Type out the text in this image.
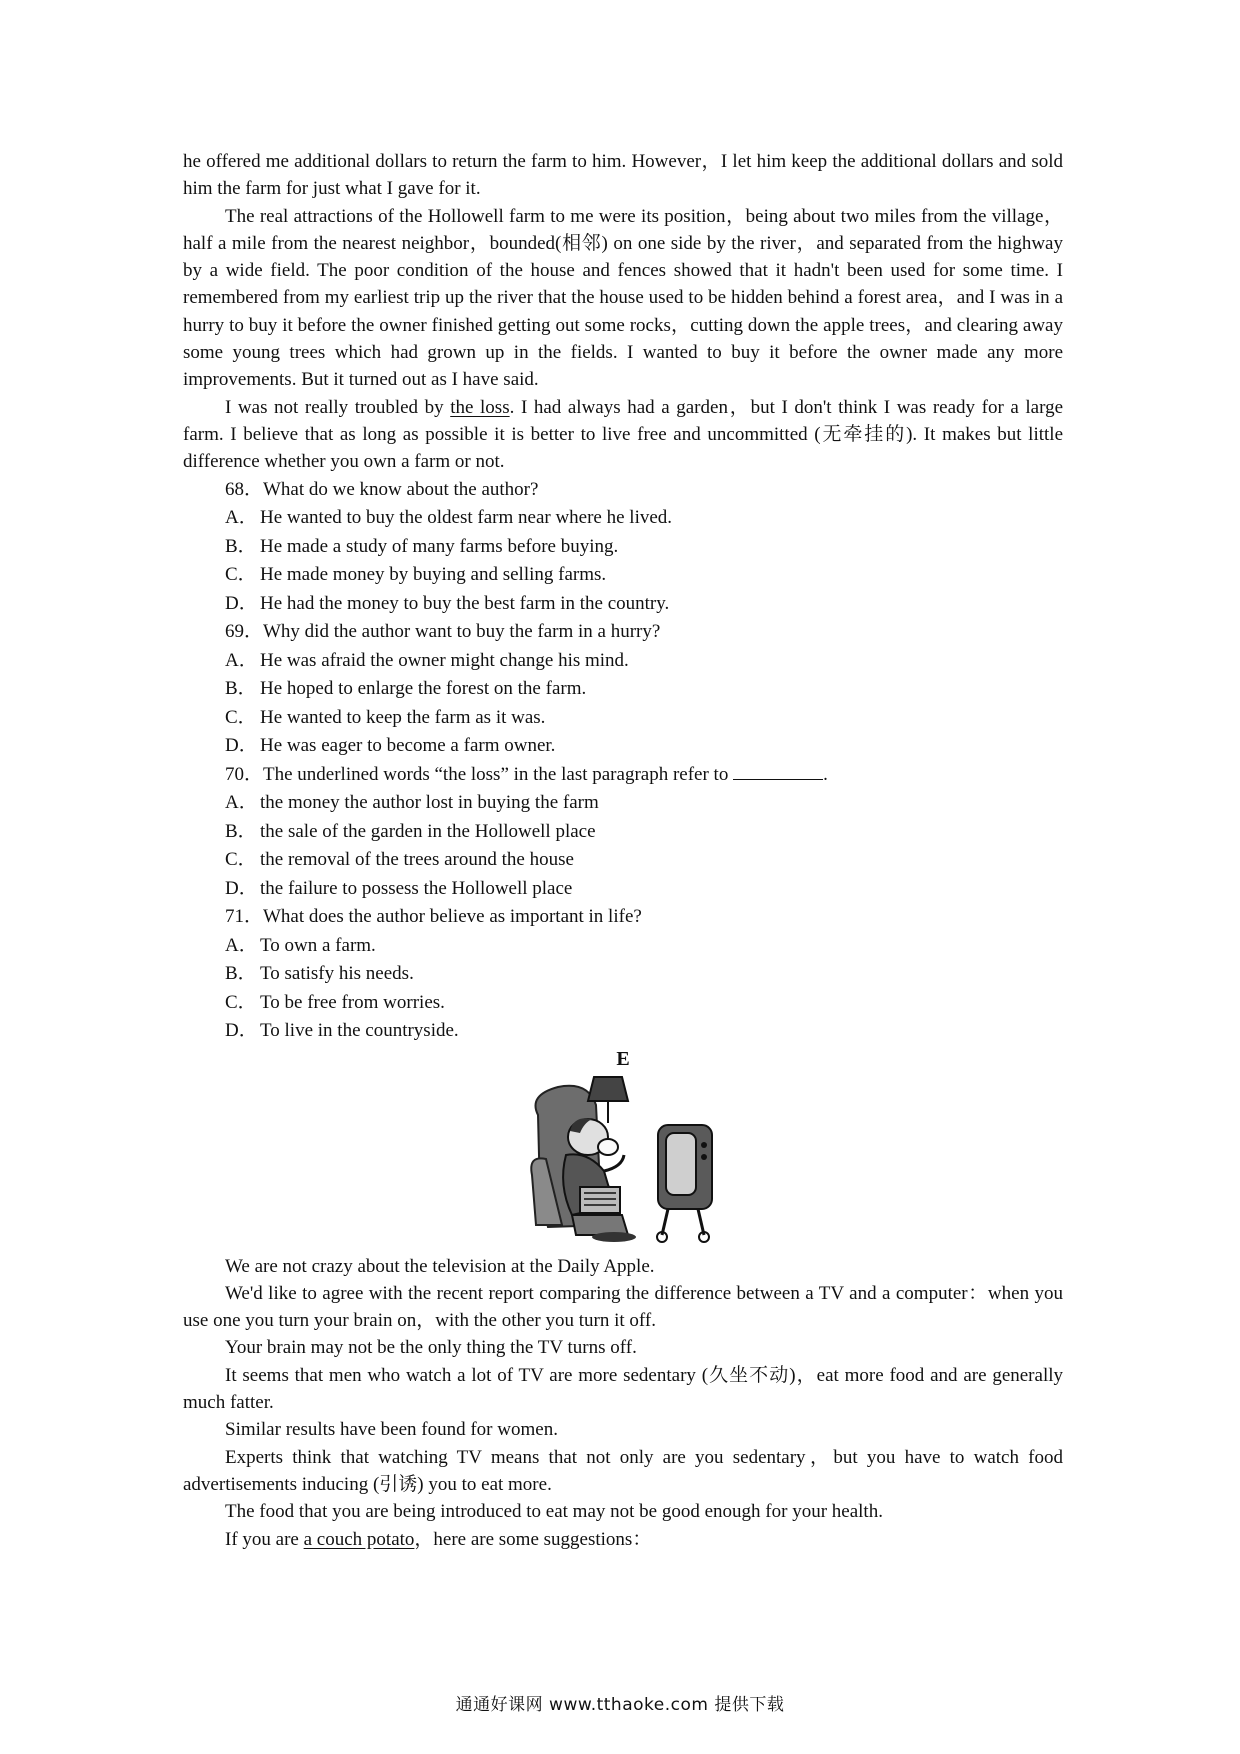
he offered me additional dollars to return the farm to him. However，I let him keep the additional dollars and sold him the farm for just what I gave for it.

The real attractions of the Hollowell farm to me were its position，being about two miles from the village，half a mile from the nearest neighbor，bounded(相邻) on one side by the river，and separated from the highway by a wide field. The poor condition of the house and fences showed that it hadn't been used for some time. I remembered from my earliest trip up the river that the house used to be hidden behind a forest area，and I was in a hurry to buy it before the owner finished getting out some rocks，cutting down the apple trees，and clearing away some young trees which had grown up in the fields. I wanted to buy it before the owner made any more improvements. But it turned out as I have said.

I was not really troubled by the loss. I had always had a garden，but I don't think I was ready for a large farm. I believe that as long as possible it is better to live free and uncommitted (无牵挂的). It makes but little difference whether you own a farm or not.

68．What do we know about the author?
A． He wanted to buy the oldest farm near where he lived.
B． He made a study of many farms before buying.
C． He made money by buying and selling farms.
D． He had the money to buy the best farm in the country.
69．Why did the author want to buy the farm in a hurry?
A． He was afraid the owner might change his mind.
B． He hoped to enlarge the forest on the farm.
C． He wanted to keep the farm as it was.
D． He was eager to become a farm owner.
70．The underlined words “the loss” in the last paragraph refer to	.
A． the money the author lost in buying the farm
B． the sale of the garden in the Hollowell place
C． the removal of the trees around the house
D． the failure to possess the Hollowell place
71．What does the author believe as important in life?
A． To own a farm.
B． To satisfy his needs.
C． To be free from worries.
D． To live in the countryside.
E

We are not crazy about the television at the Daily Apple.

We'd like to agree with the recent report comparing the difference between a TV and a computer：when you use one you turn your brain on，with the other you turn it off.

Your brain may not be the only thing the TV turns off.

It seems that men who watch a lot of TV are more sedentary (久坐不动)，eat more food and are generally much fatter.

Similar results have been found for women.

Experts think that watching TV means that not only are you sedentary，but you have to watch food advertisements inducing (引诱) you to eat more.

The food that you are being introduced to eat may not be good enough for your health.

If you are a couch potato，here are some suggestions：

通通好课网 www.tthaoke.com 提供下载
